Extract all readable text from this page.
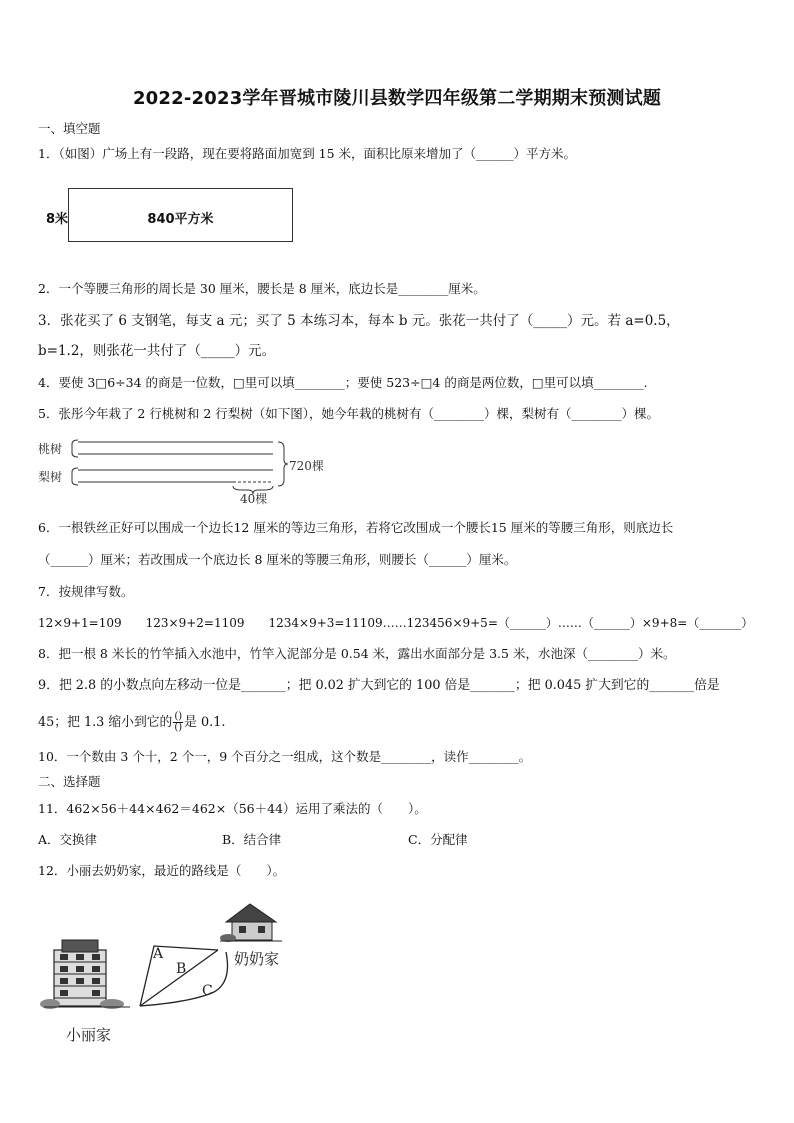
2022-2023学年晋城市陵川县数学四年级第二学期期末预测试题
一、填空题
1．（如图）广场上有一段路，现在要将路面加宽到 15 米，面积比原来增加了（______）平方米。
8米	840平方米
2．一个等腰三角形的周长是 30 厘米，腰长是 8 厘米，底边长是________厘米。
3．张花买了 6 支钢笔，每支 a 元；买了 5 本练习本，每本 b 元。张花一共付了（_____）元。若 a=0.5，
b=1.2，则张花一共付了（_____）元。
4．要使 3□6÷34 的商是一位数，□里可以填________；要使 523÷□4 的商是两位数，□里可以填________.
5．张彤今年栽了 2 行桃树和 2 行梨树（如下图），她今年栽的桃树有（________）棵，梨树有（________）棵。
桃树
梨树
720棵
40棵
6．一根铁丝正好可以围成一个边长12 厘米的等边三角形，若将它改围成一个腰长15 厘米的等腰三角形，则底边长
（______）厘米；若改围成一个底边长 8 厘米的等腰三角形，则腰长（______）厘米。
7．按规律写数。
12×9+1=109　　123×9+2=1109　　1234×9+3=11109……123456×9+5=（______）……（______）×9+8=（_______）
8．把一根 8 米长的竹竿插入水池中，竹竿入泥部分是 0.54 米，露出水面部分是 3.5 米，水池深（________）米。
9．把 2.8 的小数点向左移动一位是_______；把 0.02 扩大到它的 100 倍是_______；把 0.045 扩大到它的_______倍是
45；把 1.3 缩小到它的 $\frac{()}{()}$ 是 0.1.
10．一个数由 3 个十，2 个一，9 个百分之一组成，这个数是________，读作________。
二、选择题
11．462×56＋44×462＝462×（56＋44）运用了乘法的（　　）。
A．交换律	B．结合律	C．分配律
12．小丽去奶奶家，最近的路线是（　　）。
A
B
C
奶奶家
小丽家
